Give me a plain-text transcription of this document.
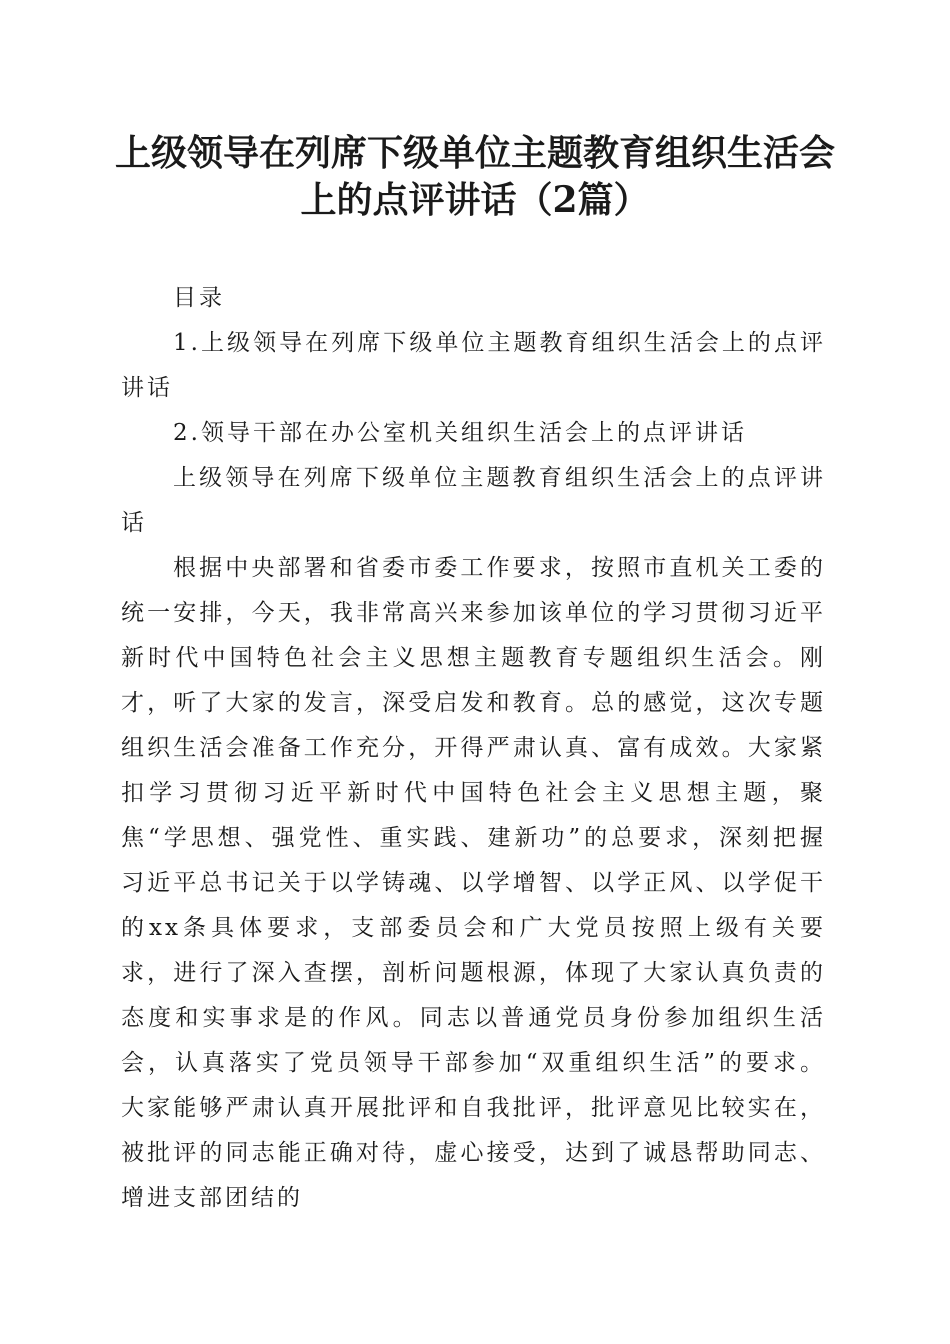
上级领导在列席下级单位主题教育组织生活会
上的点评讲话（2篇）

目录

1.上级领导在列席下级单位主题教育组织生活会上的点评讲话

2.领导干部在办公室机关组织生活会上的点评讲话

上级领导在列席下级单位主题教育组织生活会上的点评讲话

根据中央部署和省委市委工作要求，按照市直机关工委的统一安排，今天，我非常高兴来参加该单位的学习贯彻习近平新时代中国特色社会主义思想主题教育专题组织生活会。刚才，听了大家的发言，深受启发和教育。总的感觉，这次专题组织生活会准备工作充分，开得严肃认真、富有成效。大家紧扣学习贯彻习近平新时代中国特色社会主义思想主题，聚焦“学思想、强党性、重实践、建新功”的总要求，深刻把握习近平总书记关于以学铸魂、以学增智、以学正风、以学促干的xx条具体要求，支部委员会和广大党员按照上级有关要求，进行了深入查摆，剖析问题根源，体现了大家认真负责的态度和实事求是的作风。同志以普通党员身份参加组织生活会，认真落实了党员领导干部参加“双重组织生活”的要求。大家能够严肃认真开展批评和自我批评，批评意见比较实在，被批评的同志能正确对待，虚心接受，达到了诚恳帮助同志、增进支部团结的
